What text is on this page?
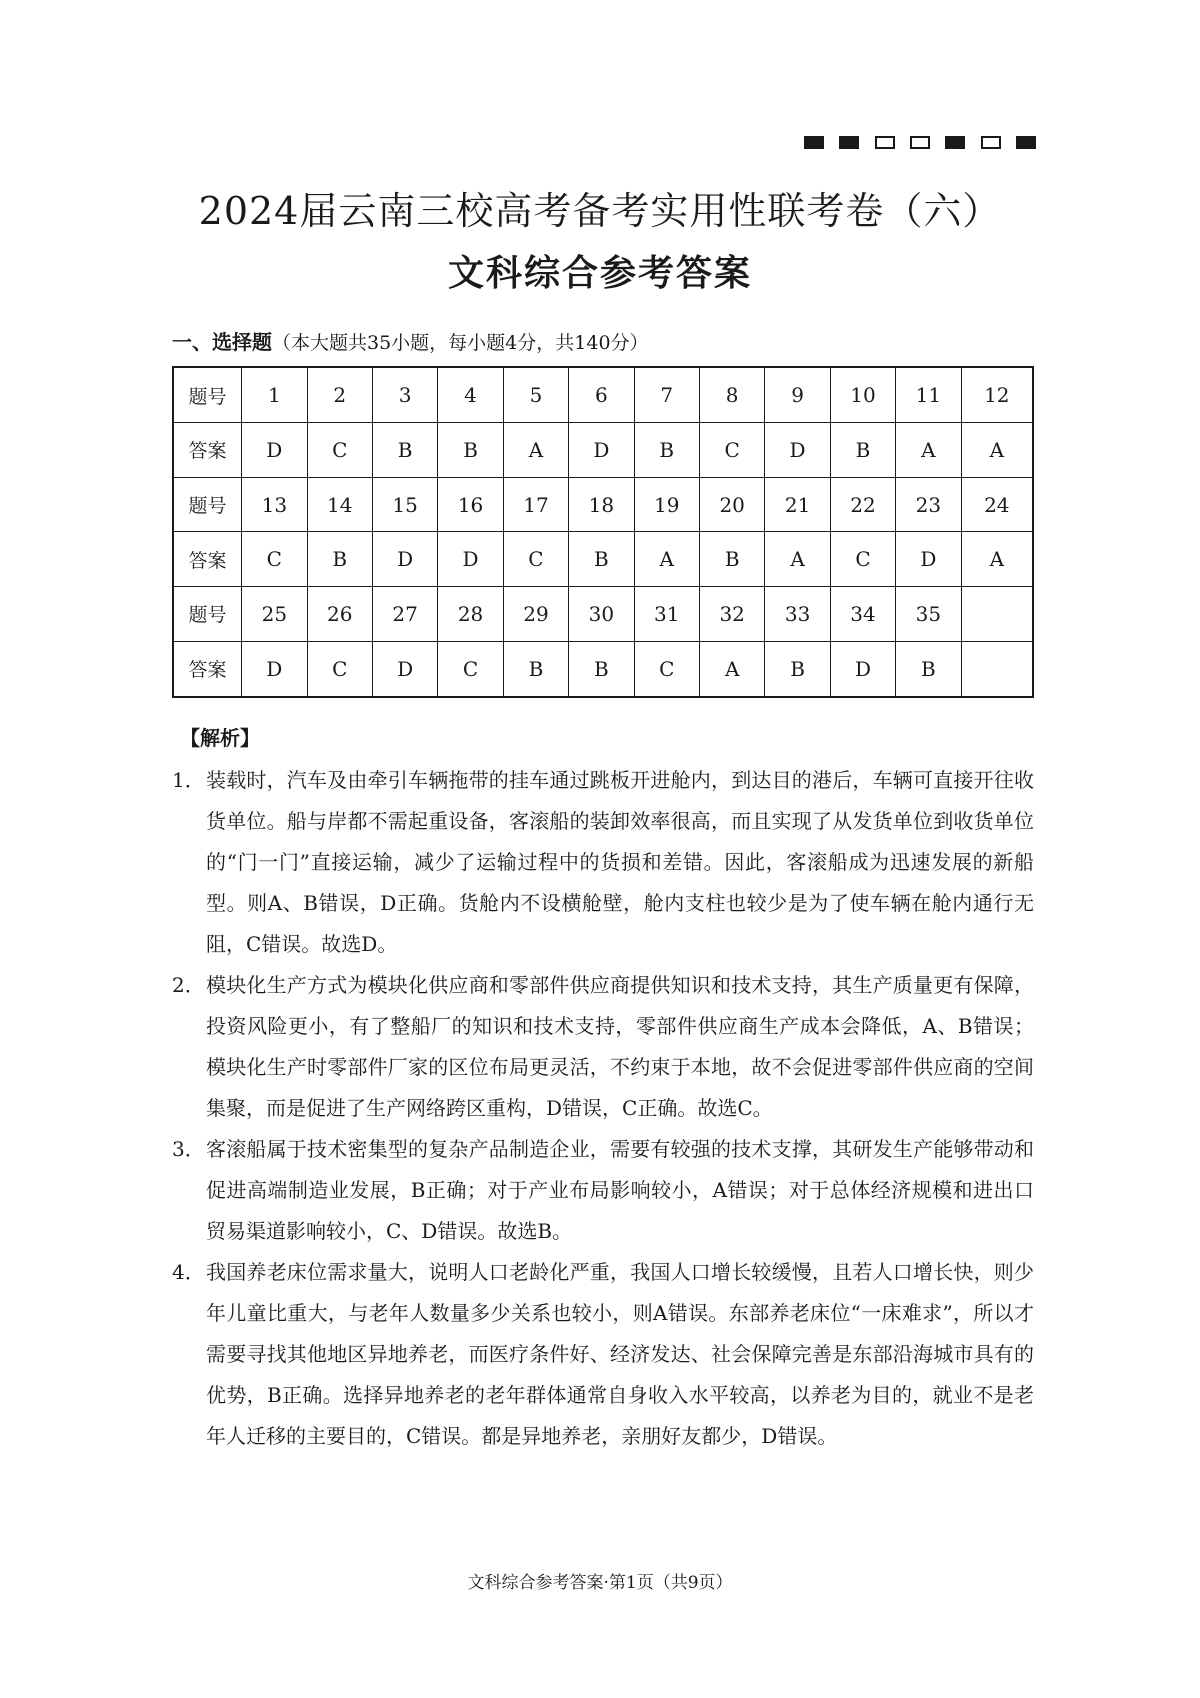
2024届云南三校高考备考实用性联考卷（六）
文科综合参考答案
一、选择题（本大题共35小题，每小题4分，共140分）
题号	1	2	3	4	5	6	7	8	9	10	11	12
答案	D	C	B	B	A	D	B	C	D	B	A	A
题号	13	14	15	16	17	18	19	20	21	22	23	24
答案	C	B	D	D	C	B	A	B	A	C	D	A
题号	25	26	27	28	29	30	31	32	33	34	35	
答案	D	C	D	C	B	B	C	A	B	D	B	
【解析】
1． 装载时，汽车及由牵引车辆拖带的挂车通过跳板开进舱内，到达目的港后，车辆可直接开往收货单位。船与岸都不需起重设备，客滚船的装卸效率很高，而且实现了从发货单位到收货单位的“门一门”直接运输，减少了运输过程中的货损和差错。因此，客滚船成为迅速发展的新船型。则A、B错误，D正确。货舱内不设横舱壁，舱内支柱也较少是为了使车辆在舱内通行无阻，C错误。故选D。
2． 模块化生产方式为模块化供应商和零部件供应商提供知识和技术支持，其生产质量更有保障，投资风险更小，有了整船厂的知识和技术支持，零部件供应商生产成本会降低，A、B错误；模块化生产时零部件厂家的区位布局更灵活，不约束于本地，故不会促进零部件供应商的空间集聚，而是促进了生产网络跨区重构，D错误，C正确。故选C。
3． 客滚船属于技术密集型的复杂产品制造企业，需要有较强的技术支撑，其研发生产能够带动和促进高端制造业发展，B正确；对于产业布局影响较小，A错误；对于总体经济规模和进出口贸易渠道影响较小，C、D错误。故选B。
4． 我国养老床位需求量大，说明人口老龄化严重，我国人口增长较缓慢，且若人口增长快，则少年儿童比重大，与老年人数量多少关系也较小，则A错误。东部养老床位“一床难求”，所以才需要寻找其他地区异地养老，而医疗条件好、经济发达、社会保障完善是东部沿海城市具有的优势，B正确。选择异地养老的老年群体通常自身收入水平较高，以养老为目的，就业不是老年人迁移的主要目的，C错误。都是异地养老，亲朋好友都少，D错误。
文科综合参考答案·第1页（共9页）
